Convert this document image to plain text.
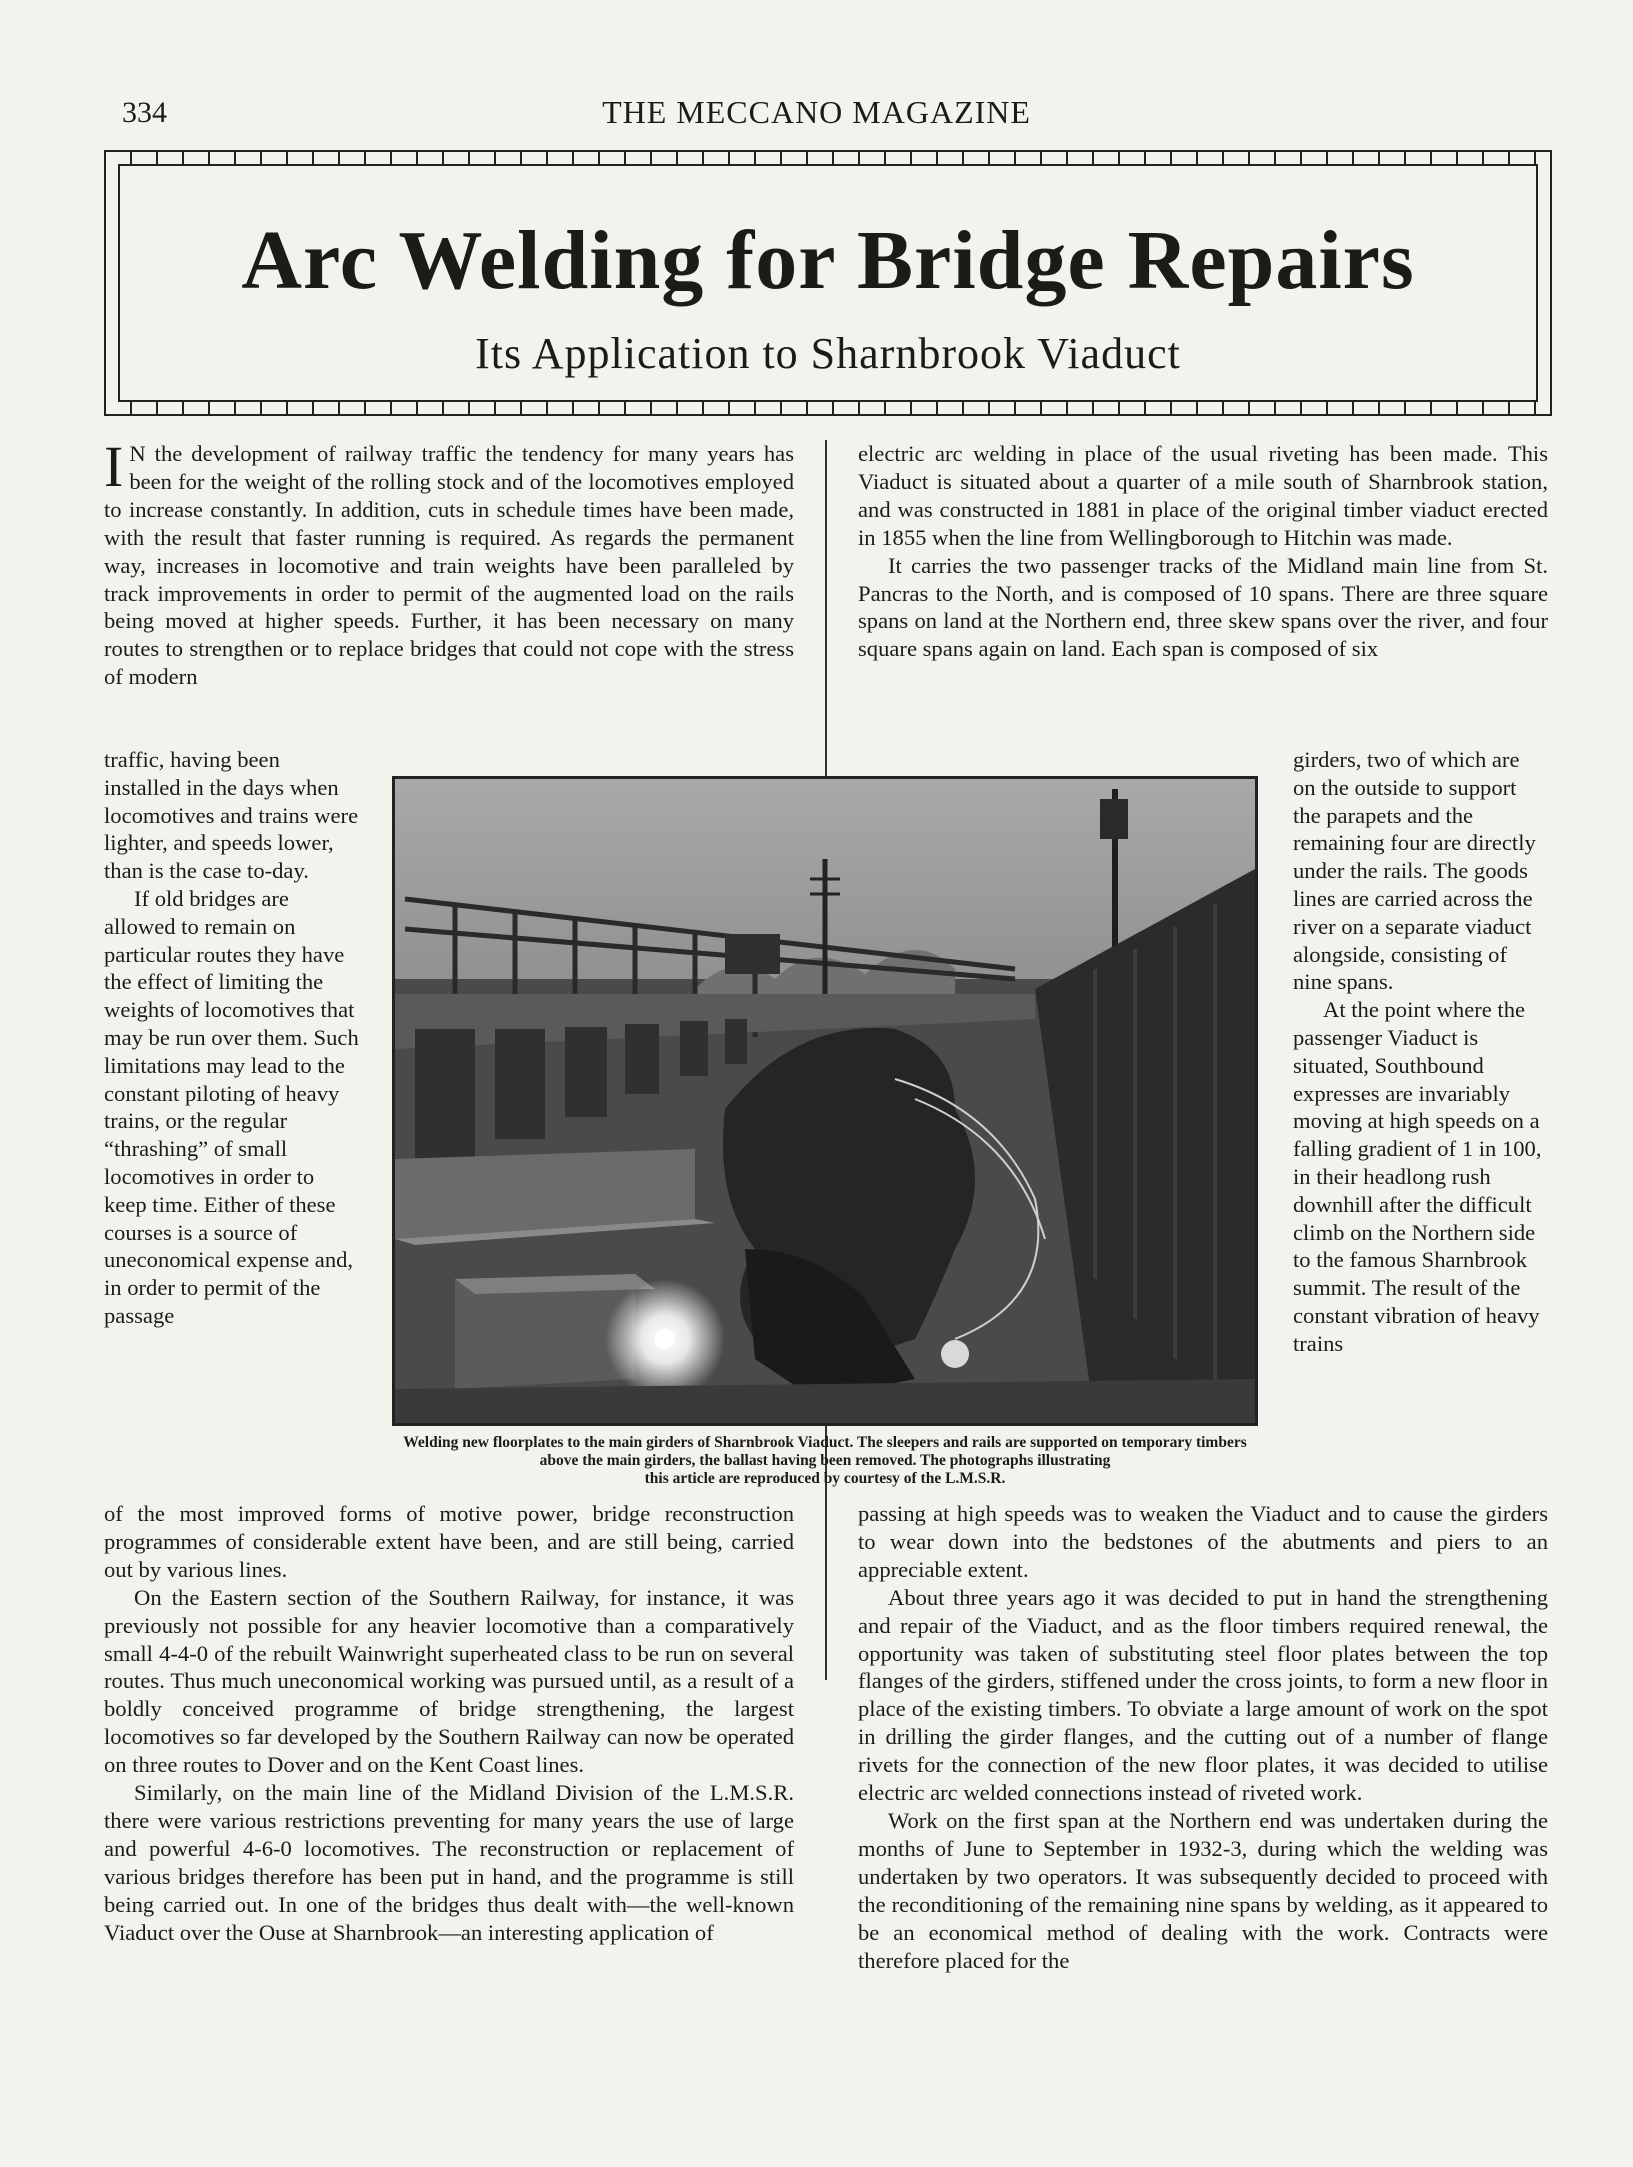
334	THE MECCANO MAGAZINE
Arc Welding for Bridge Repairs
Its Application to Sharnbrook Viaduct

I N the development of railway traffic the tendency for many years has been for the weight of the rolling stock and of the locomotives employed to increase constantly. In addition, cuts in schedule times have been made, with the result that faster running is required. As regards the permanent way, increases in locomotive and train weights have been paralleled by track improvements in order to permit of the augmented load on the rails being moved at higher speeds. Further, it has been necessary on many routes to strengthen or to replace bridges that could not cope with the stress of modern

traffic, having been installed in the days when locomotives and trains were lighter, and speeds lower, than is the case to-day.

If old bridges are allowed to remain on particular routes they have the effect of limiting the weights of locomotives that may be run over them. Such limitations may lead to the constant piloting of heavy trains, or the regular “thrashing” of small locomotives in order to keep time. Either of these courses is a source of uneconomical expense and, in order to permit of the passage

of the most improved forms of motive power, bridge reconstruction programmes of considerable extent have been, and are still being, carried out by various lines.

On the Eastern section of the Southern Railway, for instance, it was previously not possible for any heavier locomotive than a comparatively small 4-4-0 of the rebuilt Wainwright superheated class to be run on several routes. Thus much uneconomical working was pursued until, as a result of a boldly conceived programme of bridge strengthening, the largest locomotives so far developed by the Southern Railway can now be operated on three routes to Dover and on the Kent Coast lines.

Similarly, on the main line of the Midland Division of the L.M.S.R. there were various restrictions preventing for many years the use of large and powerful 4-6-0 locomotives. The reconstruction or replacement of various bridges therefore has been put in hand, and the programme is still being carried out. In one of the bridges thus dealt with—the well-known Viaduct over the Ouse at Sharnbrook—an interesting application of

electric arc welding in place of the usual riveting has been made. This Viaduct is situated about a quarter of a mile south of Sharnbrook station, and was constructed in 1881 in place of the original timber viaduct erected in 1855 when the line from Wellingborough to Hitchin was made.

It carries the two passenger tracks of the Midland main line from St. Pancras to the North, and is composed of 10 spans. There are three square spans on land at the Northern end, three skew spans over the river, and four square spans again on land. Each span is composed of six

girders, two of which are on the outside to support the parapets and the remaining four are directly under the rails. The goods lines are carried across the river on a separate viaduct alongside, consisting of nine spans.

At the point where the passenger Viaduct is situated, Southbound expresses are invariably moving at high speeds on a falling gradient of 1 in 100, in their headlong rush downhill after the difficult climb on the Northern side to the famous Sharnbrook summit. The result of the constant vibration of heavy trains

passing at high speeds was to weaken the Viaduct and to cause the girders to wear down into the bedstones of the abutments and piers to an appreciable extent.

About three years ago it was decided to put in hand the strengthening and repair of the Viaduct, and as the floor timbers required renewal, the opportunity was taken of substituting steel floor plates between the top flanges of the girders, stiffened under the cross joints, to form a new floor in place of the existing timbers. To obviate a large amount of work on the spot in drilling the girder flanges, and the cutting out of a number of flange rivets for the connection of the new floor plates, it was decided to utilise electric arc welded connections instead of riveted work.

Work on the first span at the Northern end was undertaken during the months of June to September in 1932-3, during which the welding was undertaken by two operators. It was subsequently decided to proceed with the reconditioning of the remaining nine spans by welding, as it appeared to be an economical method of dealing with the work. Contracts were therefore placed for the

Welding new floorplates to the main girders of Sharnbrook Viaduct. The sleepers and rails are supported on temporary timbers above the main girders, the ballast having been removed. The photographs illustrating
this article are reproduced by courtesy of the L.M.S.R.
